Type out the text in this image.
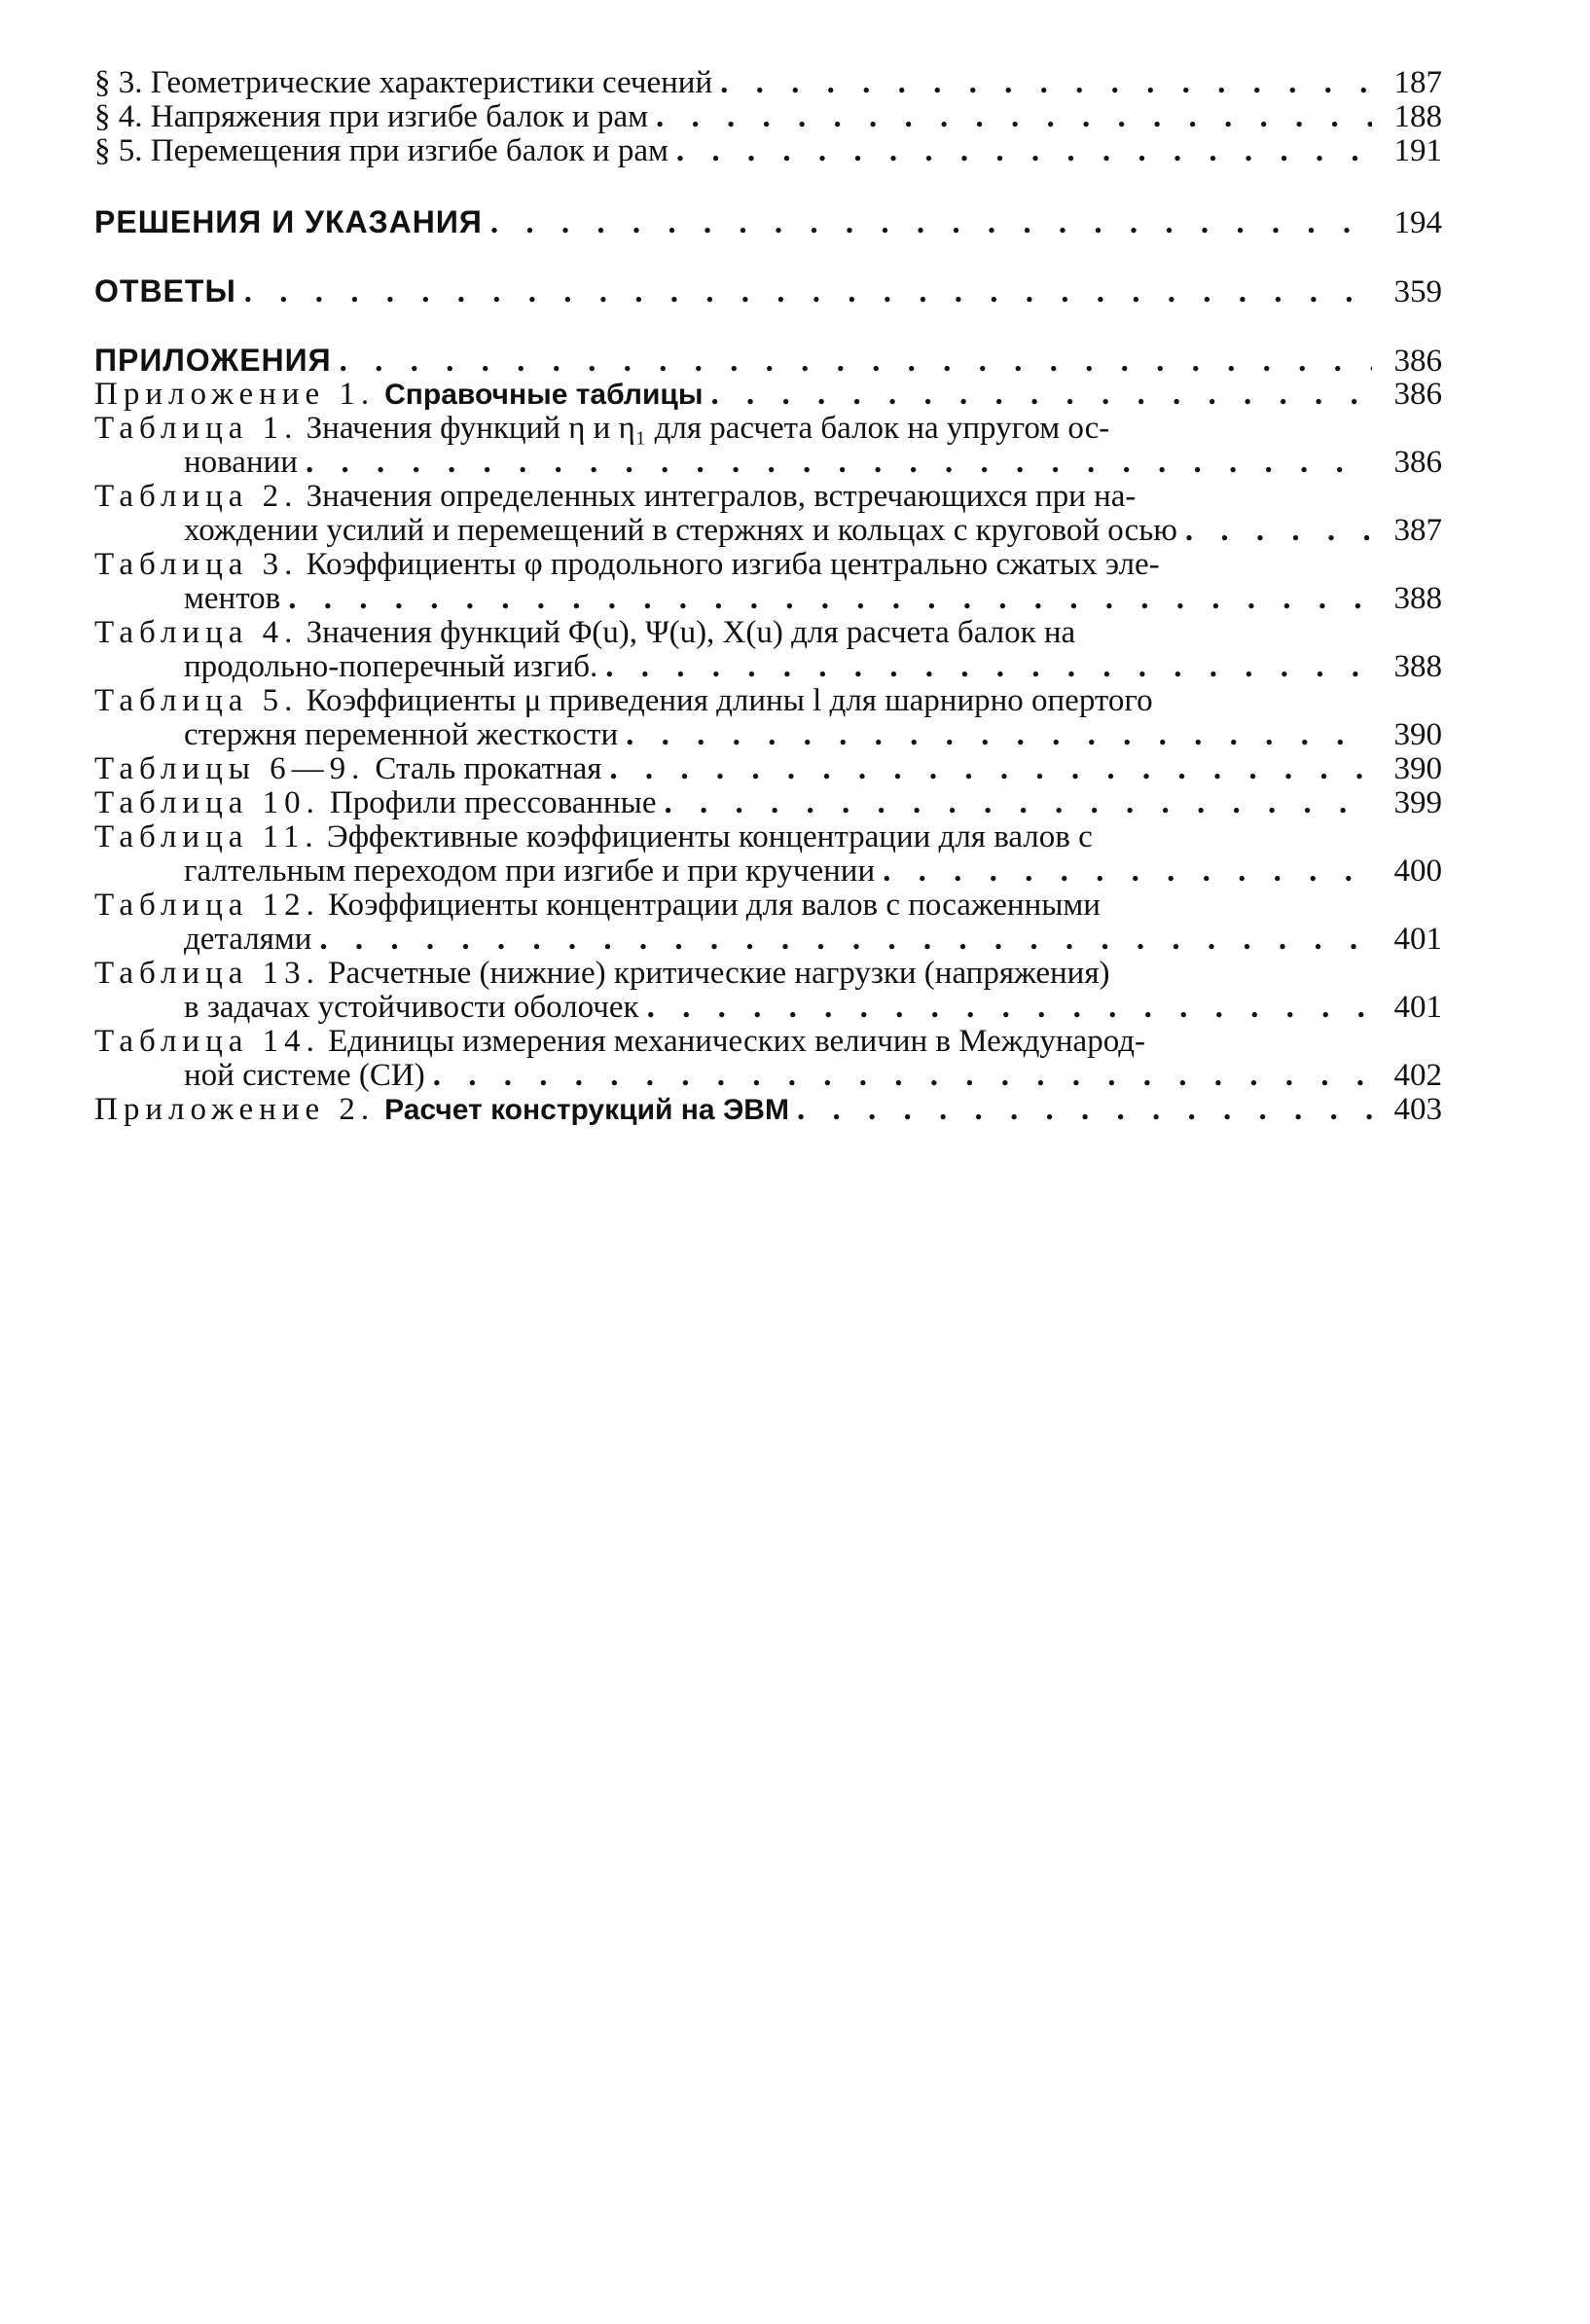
§ 3. Геометрические характеристики сечений . . .	187
§ 4. Напряжения при изгибе балок и рам . . .	188
§ 5. Перемещения при изгибе балок и рам . . .	191
РЕШЕНИЯ И УКАЗАНИЯ . . .	194
ОТВЕТЫ . . .	359
ПРИЛОЖЕНИЯ . . .	386
Приложение 1. Справочные таблицы . . .	386
Таблица 1. Значения функций η и η₁ для расчета балок на упругом ос-
новании . . .	386
Таблица 2. Значения определенных интегралов, встречающихся при на-
хождении усилий и перемещений в стержнях и кольцах с круговой осью . . .	387
Таблица 3. Коэффициенты φ продольного изгиба центрально сжатых эле-
ментов . . .	388
Таблица 4. Значения функций Φ(u), Ψ(u), X(u) для расчета балок на
продольно-поперечный изгиб. . . .	388
Таблица 5. Коэффициенты μ приведения длины l для шарнирно опертого
стержня переменной жесткости . . .	390
Таблицы 6—9. Сталь прокатная . . .	390
Таблица 10. Профили прессованные . . .	399
Таблица 11. Эффективные коэффициенты концентрации для валов с
галтельным переходом при изгибе и при кручении . . .	400
Таблица 12. Коэффициенты концентрации для валов с посаженными
деталями . . .	401
Таблица 13. Расчетные (нижние) критические нагрузки (напряжения)
в задачах устойчивости оболочек . . .	401
Таблица 14. Единицы измерения механических величин в Международ-
ной системе (СИ) . . .	402
Приложение 2. Расчет конструкций на ЭВМ . . .	403
